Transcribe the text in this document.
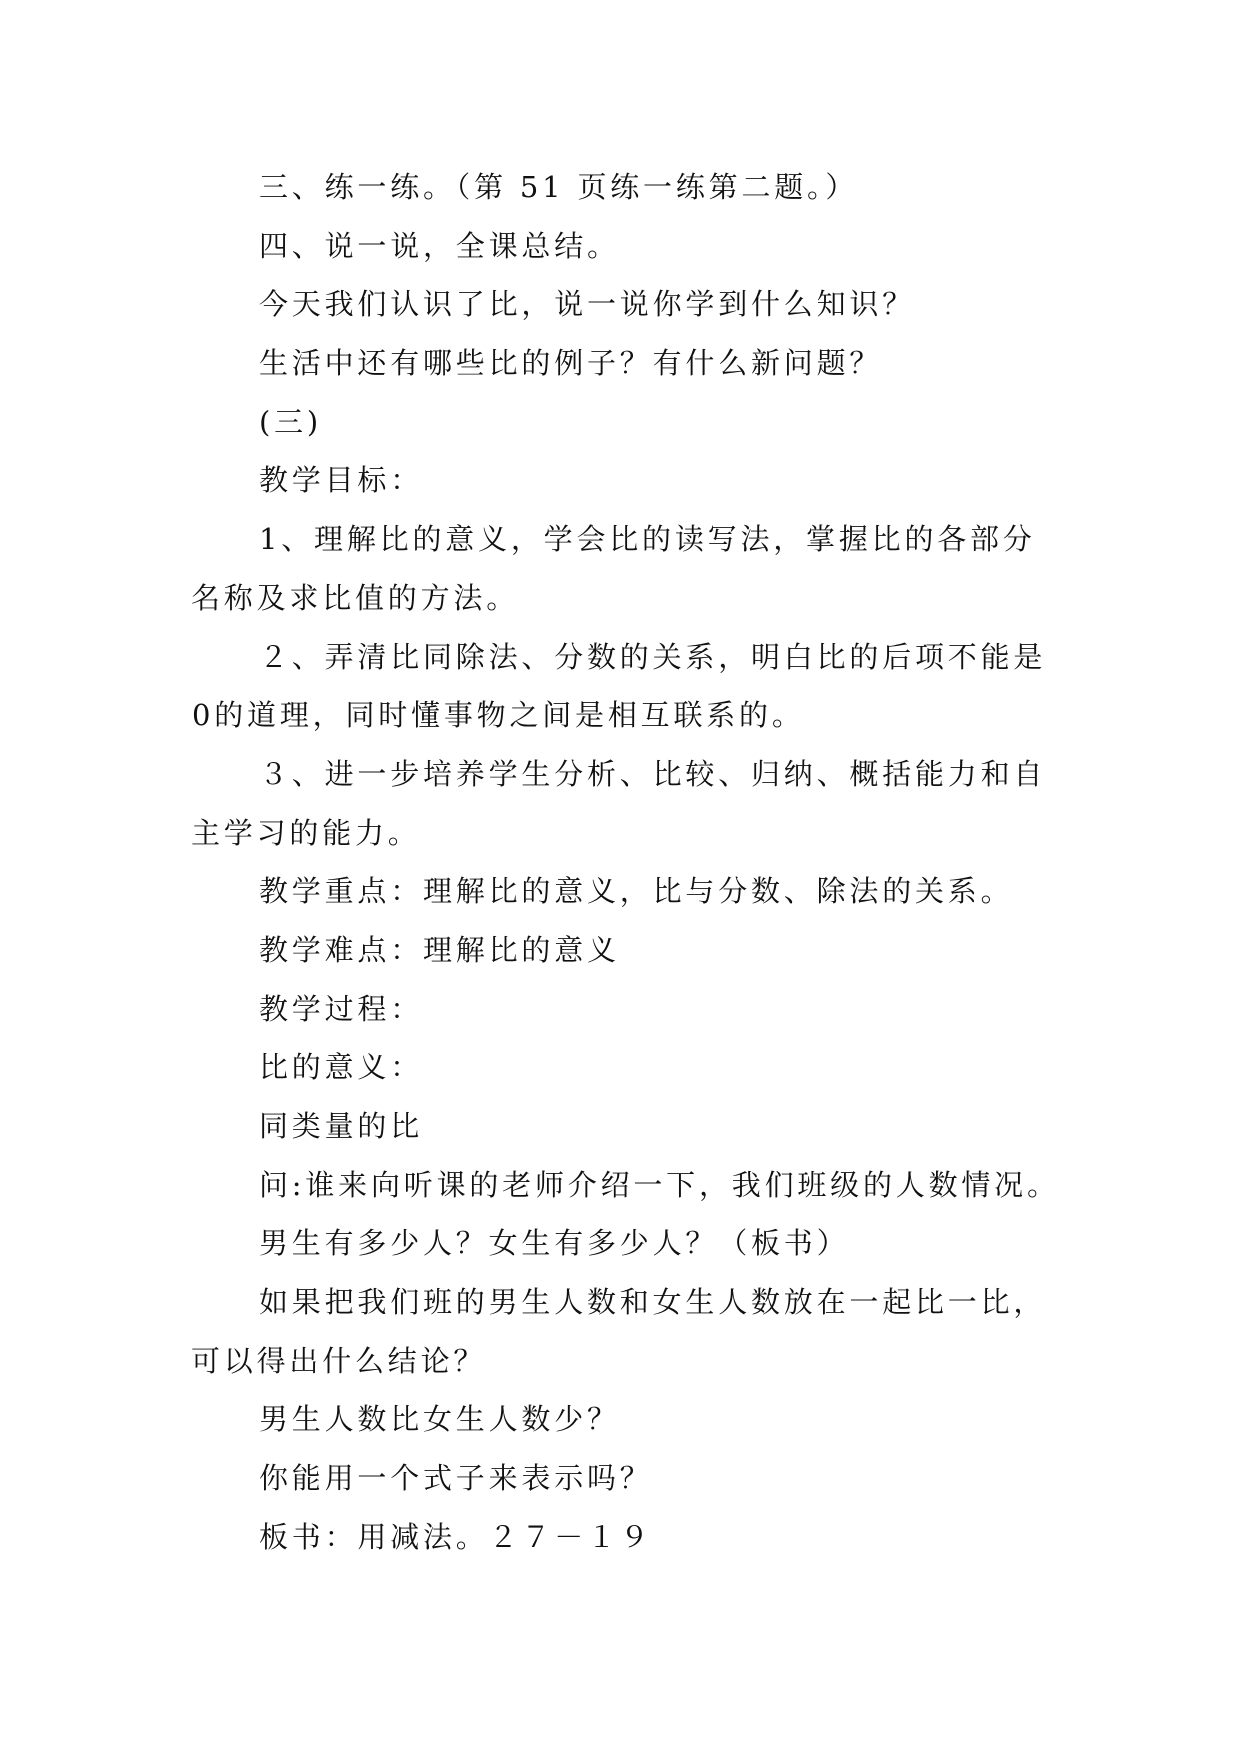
三、练一练。（第 51 页练一练第二题。）

四、说一说，全课总结。

今天我们认识了比，说一说你学到什么知识？

生活中还有哪些比的例子？有什么新问题？

(三)

教学目标：

1、理解比的意义，学会比的读写法，掌握比的各部分
名称及求比值的方法。

２、弄清比同除法、分数的关系，明白比的后项不能是
0的道理，同时懂事物之间是相互联系的。

３、进一步培养学生分析、比较、归纳、概括能力和自
主学习的能力。

教学重点：理解比的意义，比与分数、除法的关系。

教学难点：理解比的意义

教学过程：

比的意义：

同类量的比

问:谁来向听课的老师介绍一下，我们班级的人数情况。

男生有多少人？女生有多少人？（板书）

如果把我们班的男生人数和女生人数放在一起比一比，
可以得出什么结论？

男生人数比女生人数少？

你能用一个式子来表示吗？

板书：用减法。２７－１９
